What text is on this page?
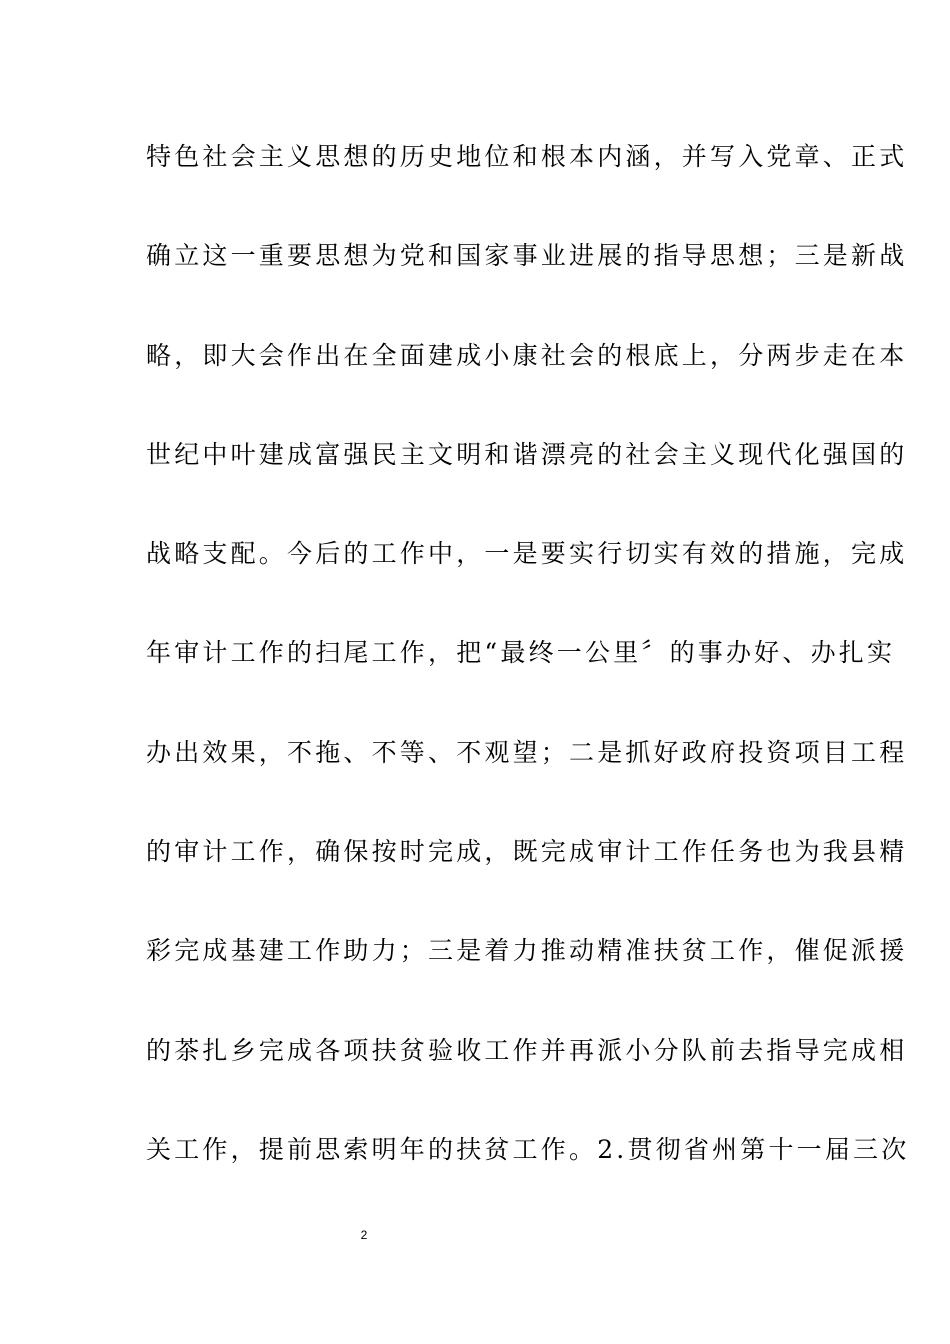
特色社会主义思想的历史地位和根本内涵，并写入党章、正式
确立这一重要思想为党和国家事业进展的指导思想；三是新战
略，即大会作出在全面建成小康社会的根底上，分两步走在本
世纪中叶建成富强民主文明和谐漂亮的社会主义现代化强国的
战略支配。今后的工作中，一是要实行切实有效的措施，完成
年审计工作的扫尾工作，把“最终一公里〞的事办好、办扎实
办出效果，不拖、不等、不观望；二是抓好政府投资项目工程
的审计工作，确保按时完成，既完成审计工作任务也为我县精
彩完成基建工作助力；三是着力推动精准扶贫工作，催促派援
的茶扎乡完成各项扶贫验收工作并再派小分队前去指导完成相
关工作，提前思索明年的扶贫工作。2.贯彻省州第十一届三次
2
